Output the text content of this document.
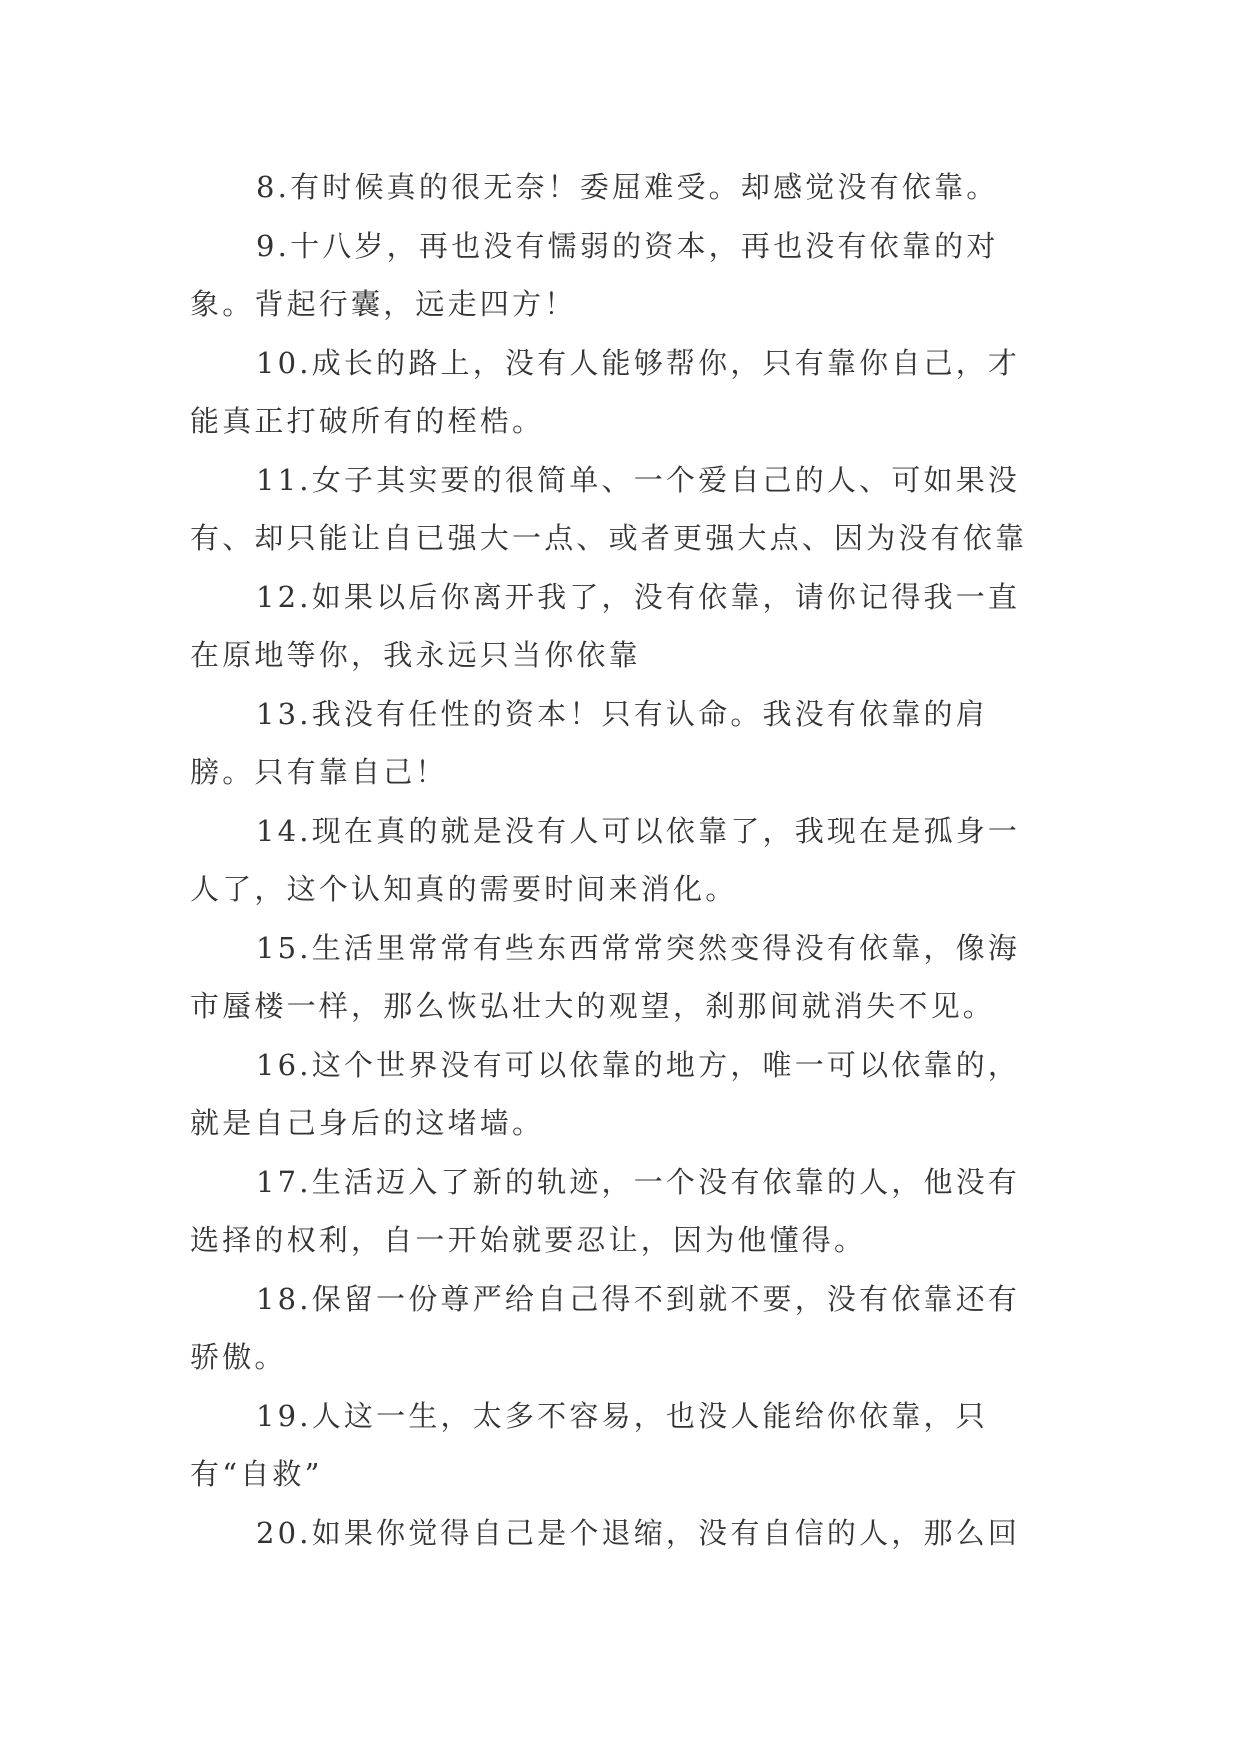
8.有时候真的很无奈！委屈难受。却感觉没有依靠。

9.十八岁，再也没有懦弱的资本，再也没有依靠的对象。背起行囊，远走四方！

10.成长的路上，没有人能够帮你，只有靠你自己，才能真正打破所有的桎梏。

11.女子其实要的很简单、一个爱自己的人、可如果没有、却只能让自已强大一点、或者更强大点、因为没有依靠

12.如果以后你离开我了，没有依靠，请你记得我一直在原地等你，我永远只当你依靠

13.我没有任性的资本！只有认命。我没有依靠的肩膀。只有靠自己！

14.现在真的就是没有人可以依靠了，我现在是孤身一人了，这个认知真的需要时间来消化。

15.生活里常常有些东西常常突然变得没有依靠，像海市蜃楼一样，那么恢弘壮大的观望，刹那间就消失不见。

16.这个世界没有可以依靠的地方，唯一可以依靠的，就是自己身后的这堵墙。

17.生活迈入了新的轨迹，一个没有依靠的人，他没有选择的权利，自一开始就要忍让，因为他懂得。

18.保留一份尊严给自己得不到就不要，没有依靠还有骄傲。

19.人这一生，太多不容易，也没人能给你依靠，只有“自救”

20.如果你觉得自己是个退缩，没有自信的人，那么回
